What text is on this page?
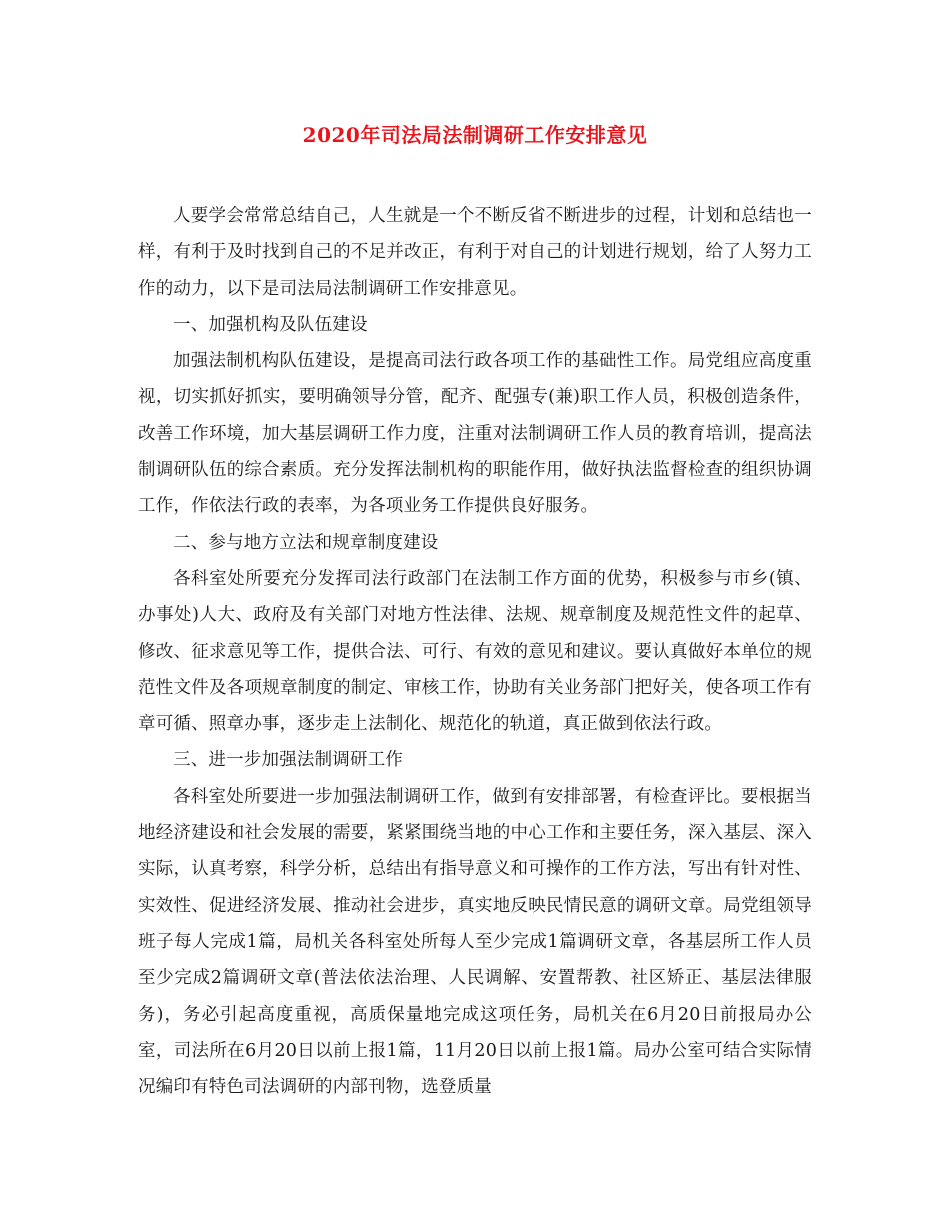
2020年司法局法制调研工作安排意见

人要学会常常总结自己，人生就是一个不断反省不断进步的过程，计划和总结也一样，有利于及时找到自己的不足并改正，有利于对自己的计划进行规划，给了人努力工作的动力，以下是司法局法制调研工作安排意见。

一、加强机构及队伍建设

加强法制机构队伍建设，是提高司法行政各项工作的基础性工作。局党组应高度重视，切实抓好抓实，要明确领导分管，配齐、配强专(兼)职工作人员，积极创造条件，改善工作环境，加大基层调研工作力度，注重对法制调研工作人员的教育培训，提高法制调研队伍的综合素质。充分发挥法制机构的职能作用，做好执法监督检查的组织协调工作，作依法行政的表率，为各项业务工作提供良好服务。

二、参与地方立法和规章制度建设

各科室处所要充分发挥司法行政部门在法制工作方面的优势，积极参与市乡(镇、办事处)人大、政府及有关部门对地方性法律、法规、规章制度及规范性文件的起草、修改、征求意见等工作，提供合法、可行、有效的意见和建议。要认真做好本单位的规范性文件及各项规章制度的制定、审核工作，协助有关业务部门把好关，使各项工作有章可循、照章办事，逐步走上法制化、规范化的轨道，真正做到依法行政。

三、进一步加强法制调研工作

各科室处所要进一步加强法制调研工作，做到有安排部署，有检查评比。要根据当地经济建设和社会发展的需要，紧紧围绕当地的中心工作和主要任务，深入基层、深入实际，认真考察，科学分析，总结出有指导意义和可操作的工作方法，写出有针对性、实效性、促进经济发展、推动社会进步，真实地反映民情民意的调研文章。局党组领导班子每人完成1篇，局机关各科室处所每人至少完成1篇调研文章，各基层所工作人员至少完成2篇调研文章(普法依法治理、人民调解、安置帮教、社区矫正、基层法律服务)，务必引起高度重视，高质保量地完成这项任务，局机关在6月20日前报局办公室，司法所在6月20日以前上报1篇，11月20日以前上报1篇。局办公室可结合实际情况编印有特色司法调研的内部刊物，选登质量
